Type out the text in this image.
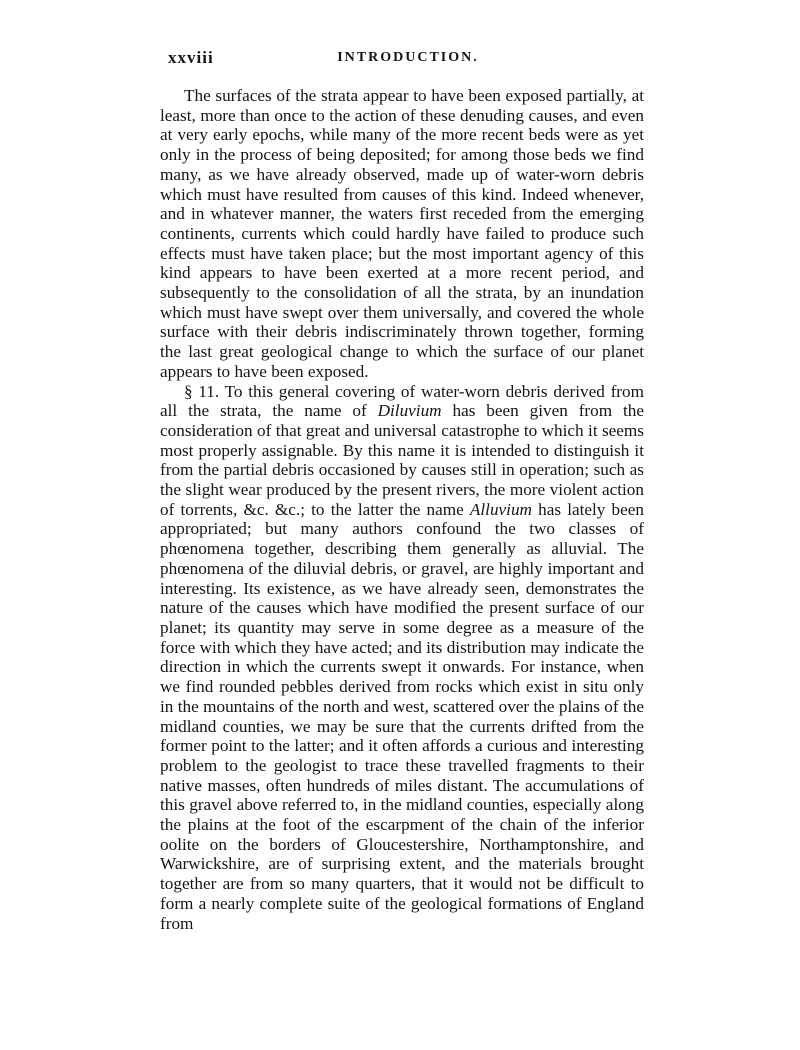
xxviii	INTRODUCTION.

The surfaces of the strata appear to have been exposed partially, at least, more than once to the action of these denuding causes, and even at very early epochs, while many of the more recent beds were as yet only in the process of being deposited; for among those beds we find many, as we have already observed, made up of water-worn debris which must have resulted from causes of this kind. Indeed whenever, and in whatever manner, the waters first receded from the emerging continents, currents which could hardly have failed to produce such effects must have taken place; but the most important agency of this kind appears to have been exerted at a more recent period, and subsequently to the consolidation of all the strata, by an inundation which must have swept over them universally, and covered the whole surface with their debris indiscriminately thrown together, forming the last great geological change to which the surface of our planet appears to have been exposed.

§ 11. To this general covering of water-worn debris derived from all the strata, the name of Diluvium has been given from the consideration of that great and universal catastrophe to which it seems most properly assignable. By this name it is intended to distinguish it from the partial debris occasioned by causes still in operation; such as the slight wear produced by the present rivers, the more violent action of torrents, &c. &c.; to the latter the name Alluvium has lately been appropriated; but many authors confound the two classes of phœnomena together, describing them generally as alluvial. The phœnomena of the diluvial debris, or gravel, are highly important and interesting. Its existence, as we have already seen, demonstrates the nature of the causes which have modified the present surface of our planet; its quantity may serve in some degree as a measure of the force with which they have acted; and its distribution may indicate the direction in which the currents swept it onwards. For instance, when we find rounded pebbles derived from rocks which exist in situ only in the mountains of the north and west, scattered over the plains of the midland counties, we may be sure that the currents drifted from the former point to the latter; and it often affords a curious and interesting problem to the geologist to trace these travelled fragments to their native masses, often hundreds of miles distant. The accumulations of this gravel above referred to, in the midland counties, especially along the plains at the foot of the escarpment of the chain of the inferior oolite on the borders of Gloucestershire, Northamptonshire, and Warwickshire, are of surprising extent, and the materials brought together are from so many quarters, that it would not be difficult to form a nearly complete suite of the geological formations of England from
